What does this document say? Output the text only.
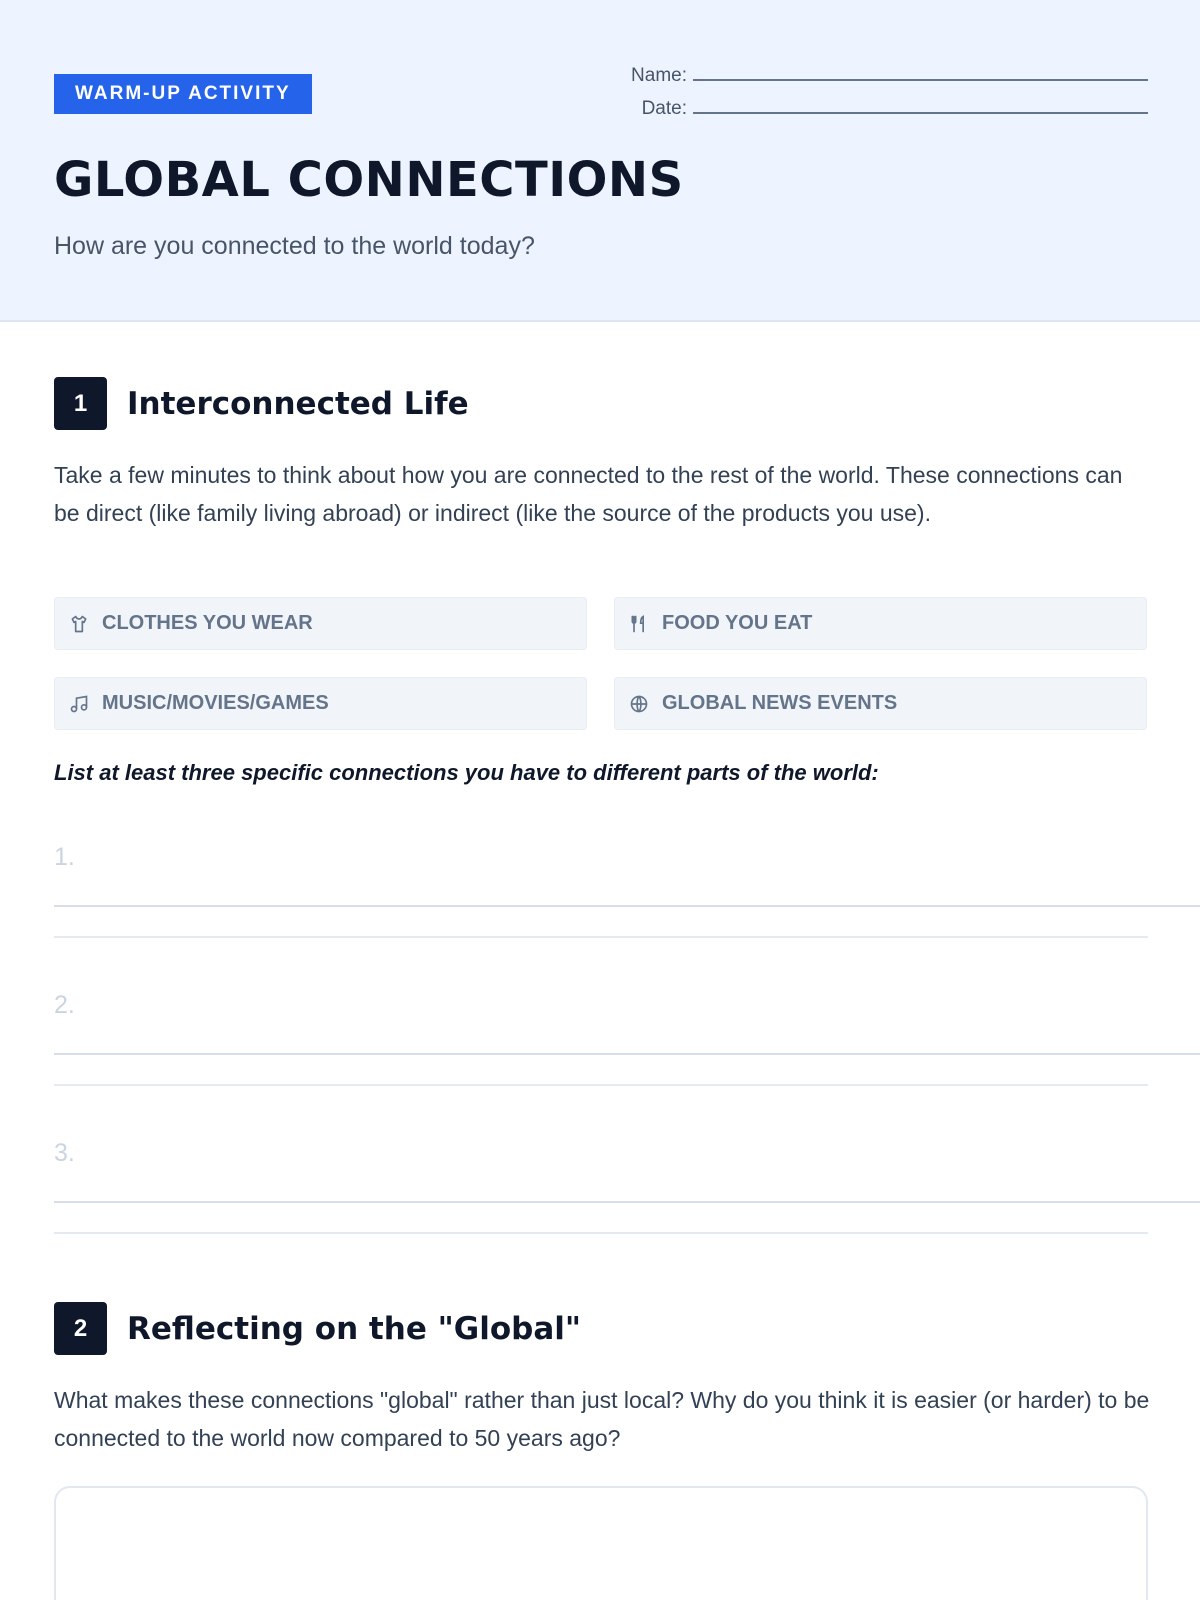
WARM-UP ACTIVITY
Name:
Date:
GLOBAL CONNECTIONS
How are you connected to the world today?
1	Interconnected Life

Take a few minutes to think about how you are connected to the rest of the world. These connections can be direct (like family living abroad) or indirect (like the source of the products you use).

CLOTHES YOU WEAR	FOOD YOU EAT
MUSIC/MOVIES/GAMES	GLOBAL NEWS EVENTS
List at least three specific connections you have to different parts of the world:
1.
2.
3.
2	Reflecting on the "Global"

What makes these connections "global" rather than just local? Why do you think it is easier (or harder) to be connected to the world now compared to 50 years ago?
